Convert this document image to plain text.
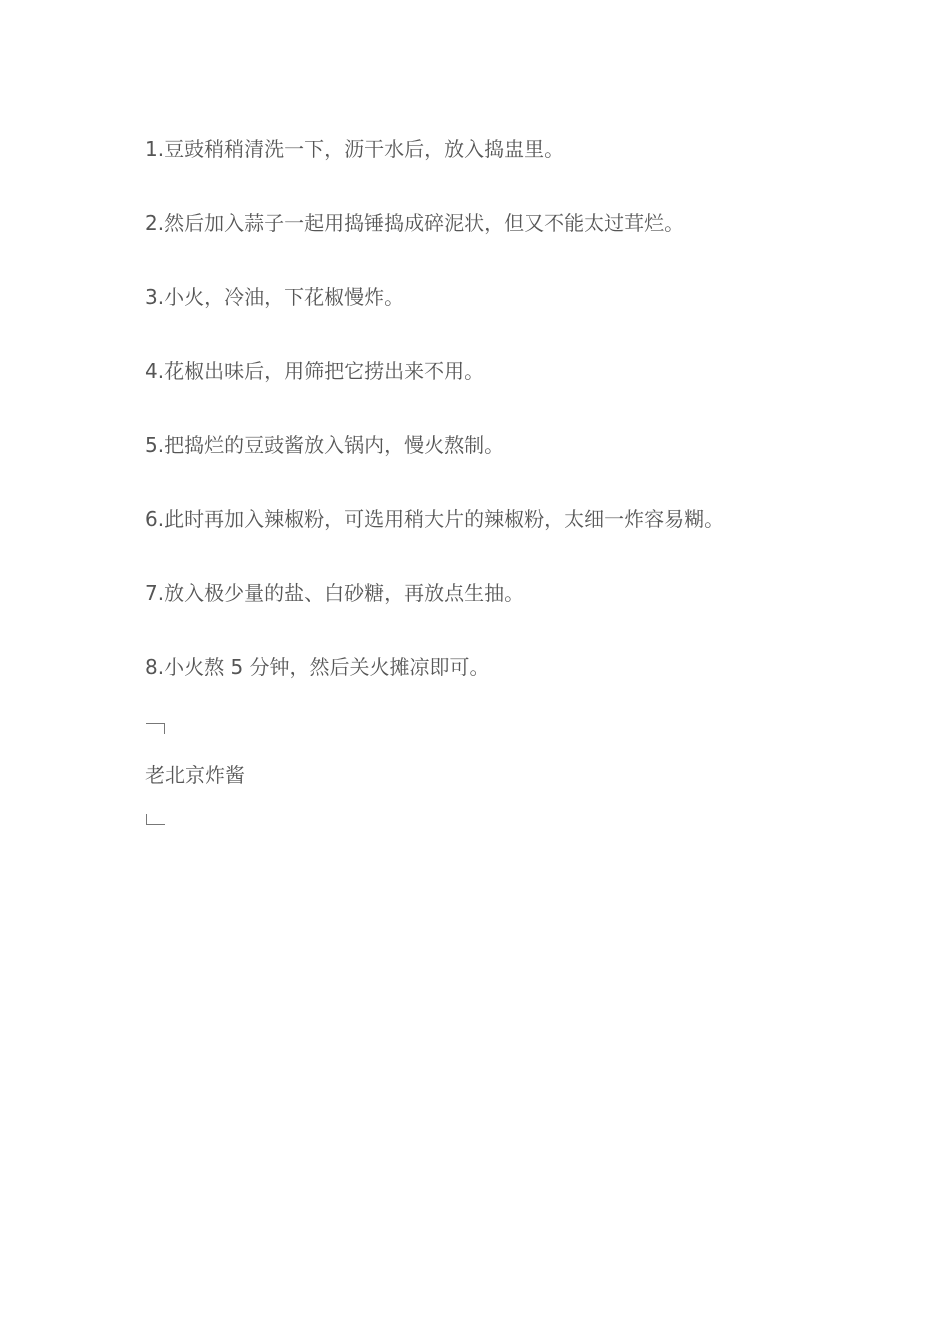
1.豆豉稍稍清洗一下，沥干水后，放入捣盅里。
2.然后加入蒜子一起用捣锤捣成碎泥状，但又不能太过茸烂。
3.小火，冷油，下花椒慢炸。
4.花椒出味后，用筛把它捞出来不用。
5.把捣烂的豆豉酱放入锅内，慢火熬制。
6.此时再加入辣椒粉，可选用稍大片的辣椒粉，太细一炸容易糊。
7.放入极少量的盐、白砂糖，再放点生抽。
8.小火熬 5 分钟，然后关火摊凉即可。
老北京炸酱
